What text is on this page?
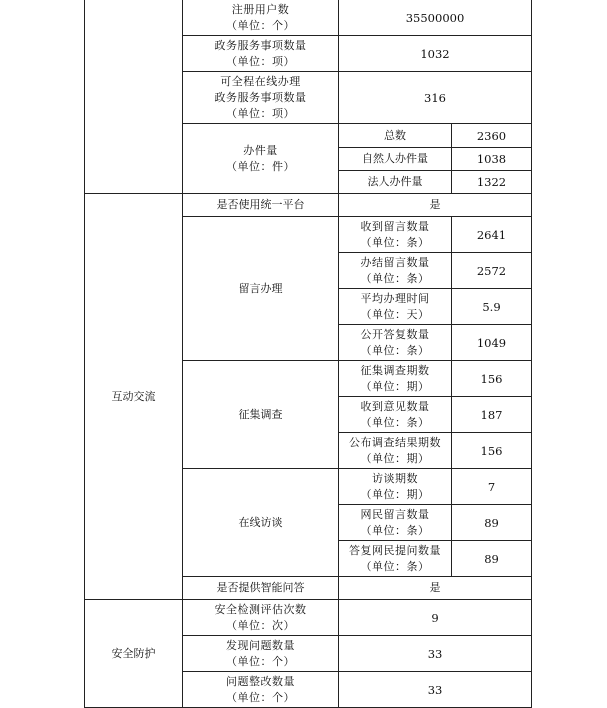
	注册用户数
（单位：个）	35500000	

	政务服务事项数量
（单位：项）	1032	

	可全程在线办理
政务服务事项数量
（单位：项）	316	

	办件量
（单位：件）	总数	2360
		自然人办件量	1038
		法人办件量	1322

互动交流	是否使用统一平台	是	
	留言办理	收到留言数量
（单位：条）	2641

		办结留言数量
（单位：条）	2572

		平均办理时间
（单位：天）	5.9

		公开答复数量
（单位：条）	1049
	征集调查	征集调查期数
（单位：期）	156

		收到意见数量
（单位：条）	187

		公布调查结果期数
（单位：期）	156
	在线访谈	访谈期数
（单位：期）	7

		网民留言数量
（单位：条）	89

		答复网民提问数量
（单位：条）	89
	是否提供智能问答	是	

安全防护	安全检测评估次数
（单位：次）	9	

	发现问题数量
（单位：个）	33	

	问题整改数量
（单位：个）	33	
